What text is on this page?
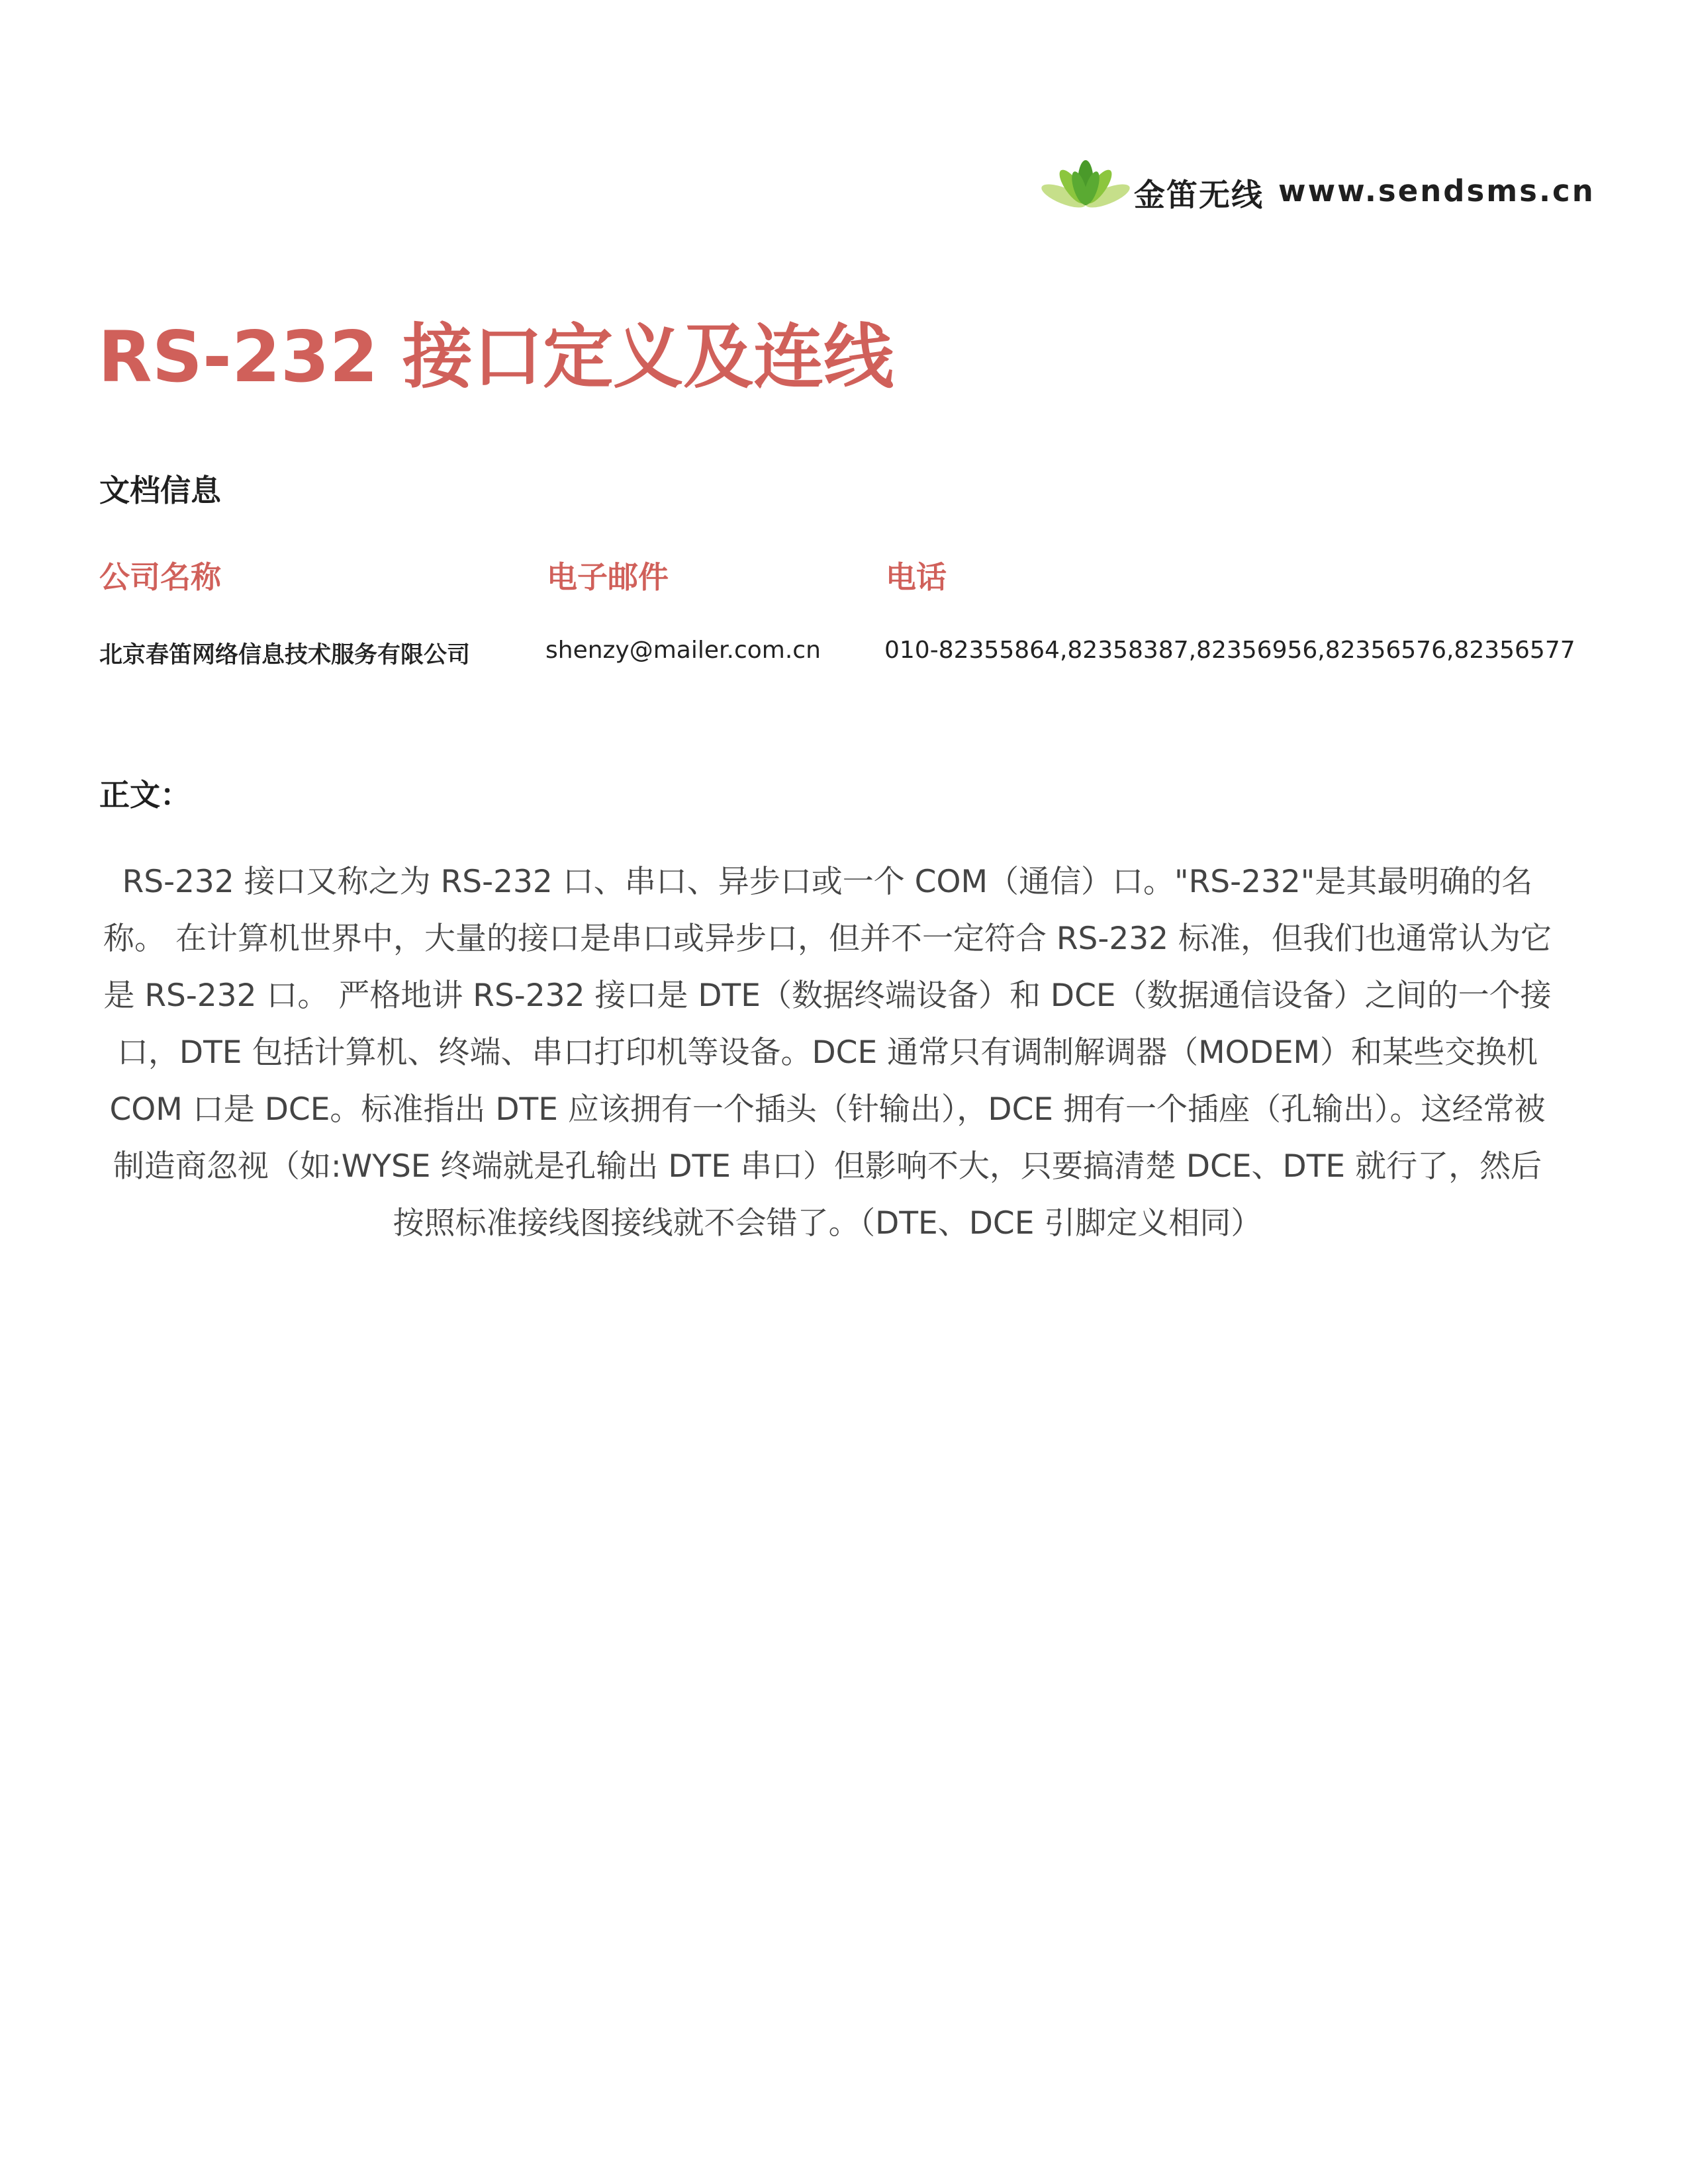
金笛无线 www.sendsms.cn
RS-232 接口定义及连线
文档信息
公司名称	电子邮件	电话
北京春笛网络信息技术服务有限公司	shenzy@mailer.com.cn	010-82355864,82358387,82356956,82356576,82356577
正文：

RS-232 接口又称之为 RS-232 口、串口、异步口或一个 COM（通信）口。"RS-232"是其最明确的名称。 在计算机世界中，大量的接口是串口或异步口，但并不一定符合 RS-232 标准，但我们也通常认为它是 RS-232 口。 严格地讲 RS-232 接口是 DTE（数据终端设备）和 DCE（数据通信设备）之间的一个接口，DTE 包括计算机、终端、串口打印机等设备。DCE 通常只有调制解调器（MODEM）和某些交换机 COM 口是 DCE。标准指出 DTE 应该拥有一个插头（针输出），DCE 拥有一个插座（孔输出）。这经常被制造商忽视（如:WYSE 终端就是孔输出 DTE 串口）但影响不大，只要搞清楚 DCE、DTE 就行了，然后按照标准接线图接线就不会错了。（DTE、DCE 引脚定义相同）
